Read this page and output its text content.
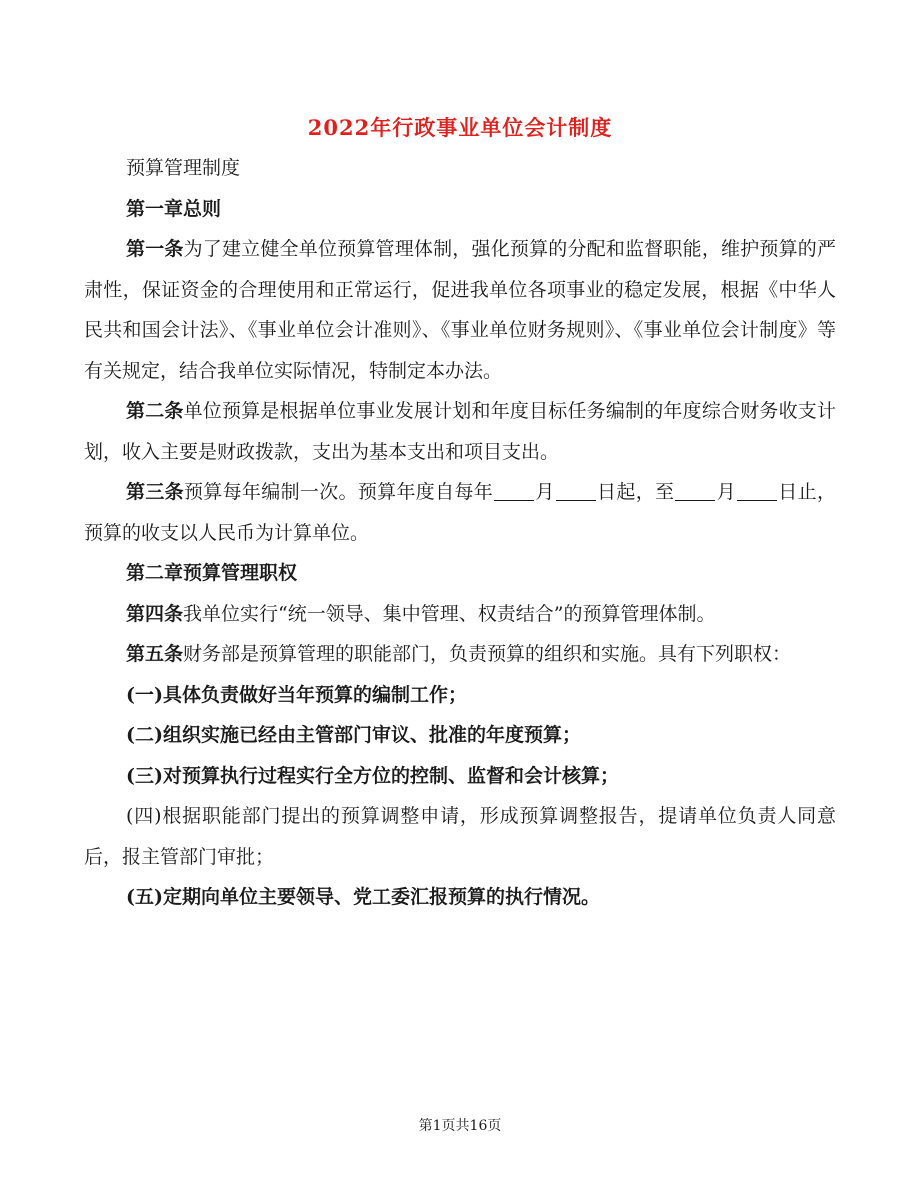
2022年行政事业单位会计制度

预算管理制度

第一章总则

第一条为了建立健全单位预算管理体制，强化预算的分配和监督职能，维护预算的严肃性，保证资金的合理使用和正常运行，促进我单位各项事业的稳定发展，根据《中华人民共和国会计法》、《事业单位会计准则》、《事业单位财务规则》、《事业单位会计制度》等有关规定，结合我单位实际情况，特制定本办法。

第二条单位预算是根据单位事业发展计划和年度目标任务编制的年度综合财务收支计划，收入主要是财政拨款，支出为基本支出和项目支出。

第三条预算每年编制一次。预算年度自每年 月 日起，至 月 日止，预算的收支以人民币为计算单位。

第二章预算管理职权

第四条我单位实行“统一领导、集中管理、权责结合”的预算管理体制。

第五条财务部是预算管理的职能部门，负责预算的组织和实施。具有下列职权：

(一)具体负责做好当年预算的编制工作；

(二)组织实施已经由主管部门审议、批准的年度预算；

(三)对预算执行过程实行全方位的控制、监督和会计核算；

(四)根据职能部门提出的预算调整申请，形成预算调整报告，提请单位负责人同意后，报主管部门审批；

(五)定期向单位主要领导、党工委汇报预算的执行情况。

第1页共16页
